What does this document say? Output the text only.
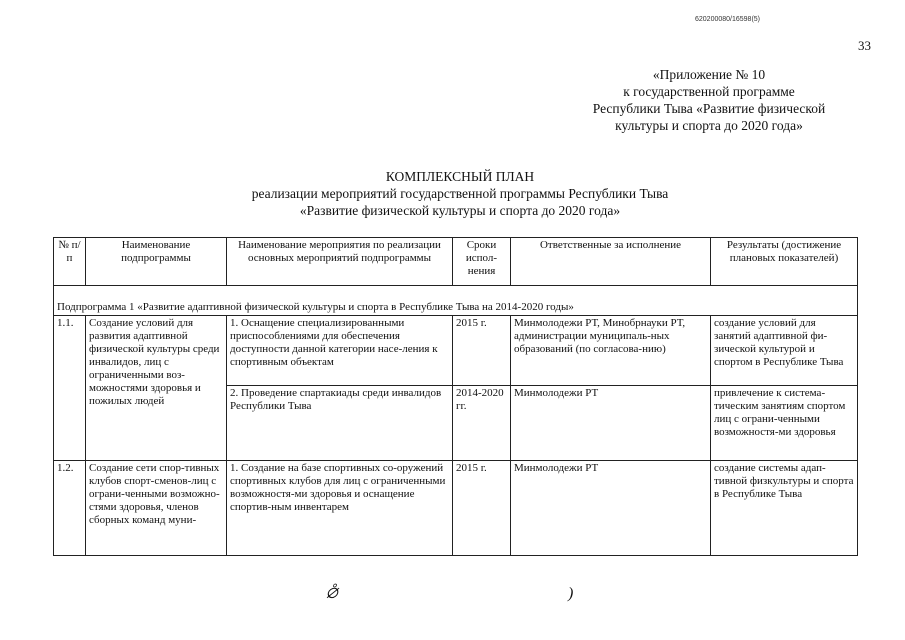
620200080/16598(5)
33
«Приложение № 10
к государственной программе
Республики Тыва «Развитие физической
культуры и спорта до 2020 года»
КОМПЛЕКСНЫЙ ПЛАН
реализации мероприятий государственной программы Республики Тыва
«Развитие физической культуры и спорта до 2020 года»
№ п/п	Наименование подпрограммы	Наименование мероприятия по реализации основных мероприятий подпрограммы	Сроки испол-нения	Ответственные за исполнение	Результаты (достижение плановых показателей)
Подпрограмма 1 «Развитие адаптивной физической культуры и спорта в Республике Тыва на 2014-2020 годы»					
1.1.	Создание условий для развития адаптивной физической культуры среди инвалидов, лиц с ограниченными воз-можностями здоровья и пожилых людей	1. Оснащение специализированными приспособлениями для обеспечения доступности данной категории насе-ления к спортивным объектам	2015 г.	Минмолодежи РТ, Минобрнауки РТ, администрации муниципаль-ных образований (по согласова-нию)	создание условий для занятий адаптивной фи-зической культурой и спортом в Республике Тыва
		2. Проведение спартакиады среди инвалидов Республики Тыва	2014-2020 гг.	Минмолодежи РТ	привлечение к система-тическим занятиям спортом лиц с ограни-ченными возможностя-ми здоровья
1.2.	Создание сети спор-тивных клубов спорт-сменов-лиц с ограни-ченными возможно-стями здоровья, членов сборных команд муни-	1. Создание на базе спортивных со-оружений спортивных клубов для лиц с ограниченными возможностя-ми здоровья и оснащение спортив-ным инвентарем	2015 г.	Минмолодежи РТ	создание системы адап-тивной физкультуры и спорта в Республике Тыва
⦲	)
